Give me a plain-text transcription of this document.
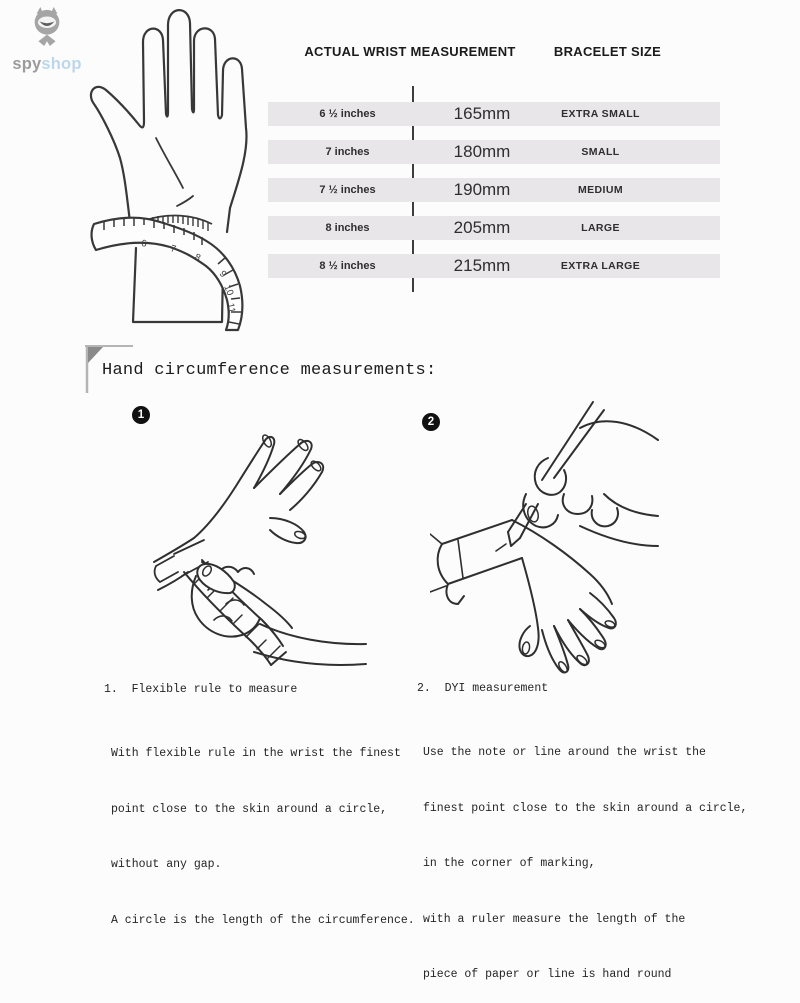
spyshop
6 7
8
9
10
11
ACTUAL WRIST MEASUREMENT	BRACELET SIZE
6 ½ inches	165mm	EXTRA SMALL
7 inches	180mm	SMALL
7 ½ inches	190mm	MEDIUM
8 inches	205mm	LARGE
8 ½ inches	215mm	EXTRA LARGE
Hand circumference measurements:
1
2
1.  Flexible rule to measure

With flexible rule in the wrist the finest

point close to the skin around a circle,

without any gap.

A circle is the length of the circumference.

2.  DYI measurement

Use the note or line around the wrist the

finest point close to the skin around a circle,

in the corner of marking,

with a ruler measure the length of the

piece of paper or line is hand round
